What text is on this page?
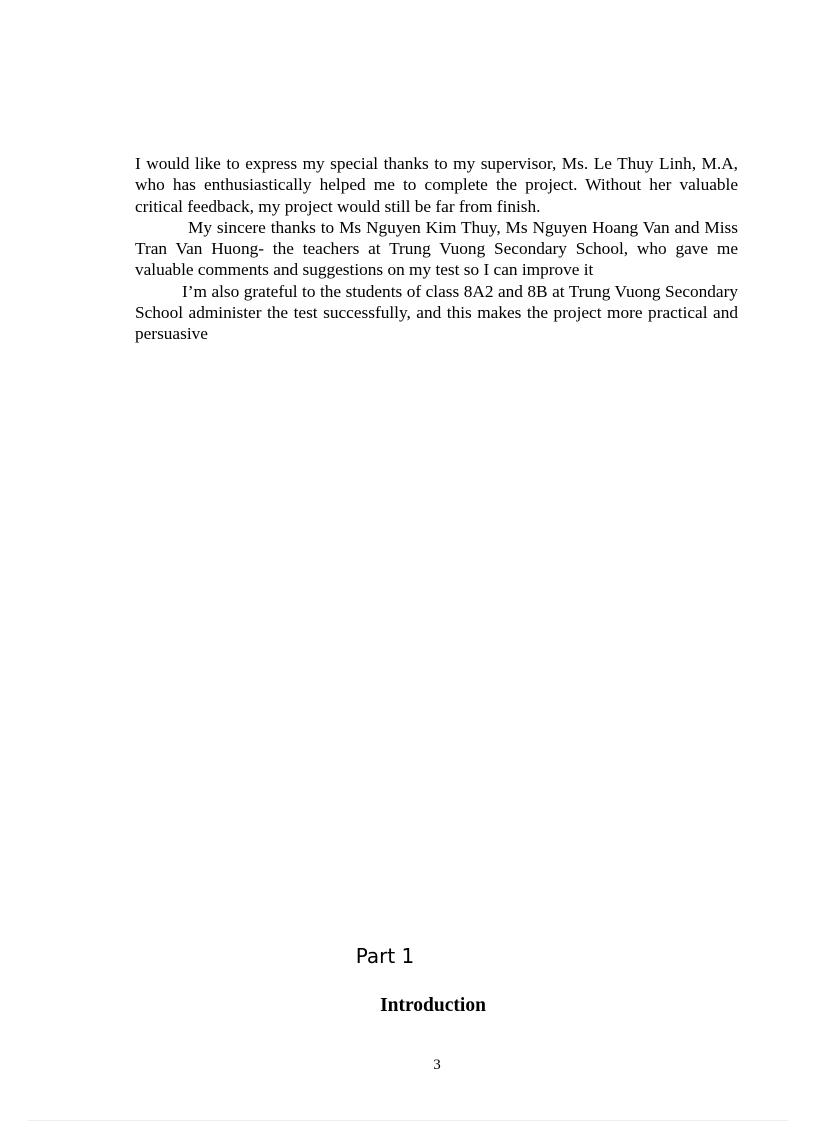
I would like to express my special thanks to my supervisor, Ms. Le Thuy Linh, M.A, who has enthusiastically helped me to complete the project. Without her valuable critical feedback, my project would still be far from finish.

My sincere thanks to Ms Nguyen Kim Thuy, Ms Nguyen Hoang Van and Miss Tran Van Huong- the teachers at Trung Vuong Secondary School, who gave me valuable comments and suggestions on my test so I can improve it

I’m also grateful to the students of class 8A2 and 8B at Trung Vuong Secondary School administer the test successfully, and this makes the project more practical and persuasive

Part 1
Introduction
3
